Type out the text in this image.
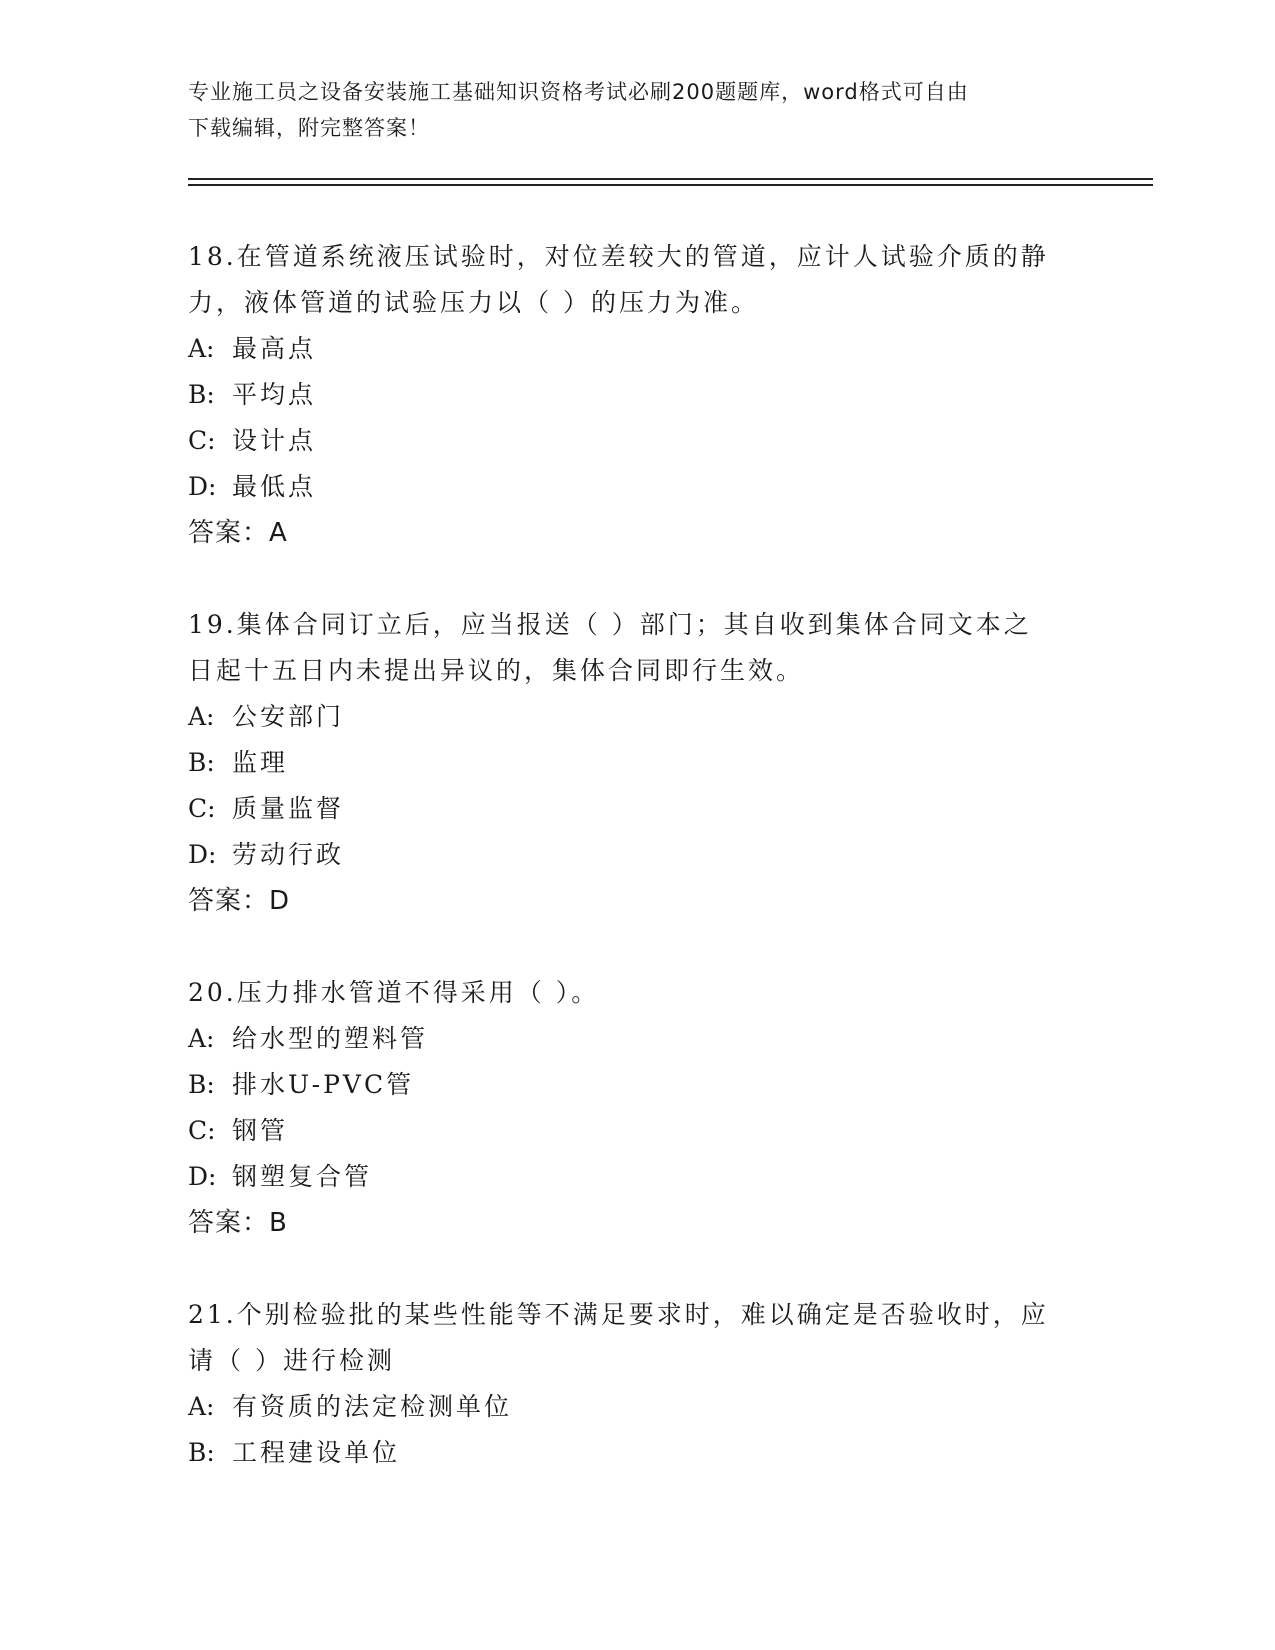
专业施工员之设备安装施工基础知识资格考试必刷200题题库，word格式可自由
下载编辑，附完整答案！
18.在管道系统液压试验时，对位差较大的管道，应计人试验介质的静
力，液体管道的试验压力以（ ）的压力为准。
A: 最高点
B: 平均点
C: 设计点
D: 最低点
答案：A
19.集体合同订立后，应当报送（ ）部门；其自收到集体合同文本之
日起十五日内未提出异议的，集体合同即行生效。
A: 公安部门
B: 监理
C: 质量监督
D: 劳动行政
答案：D
20.压力排水管道不得采用（ ）。
A: 给水型的塑料管
B: 排水U-PVC管
C: 钢管
D: 钢塑复合管
答案：B
21.个别检验批的某些性能等不满足要求时，难以确定是否验收时，应
请（ ）进行检测
A: 有资质的法定检测单位
B: 工程建设单位
